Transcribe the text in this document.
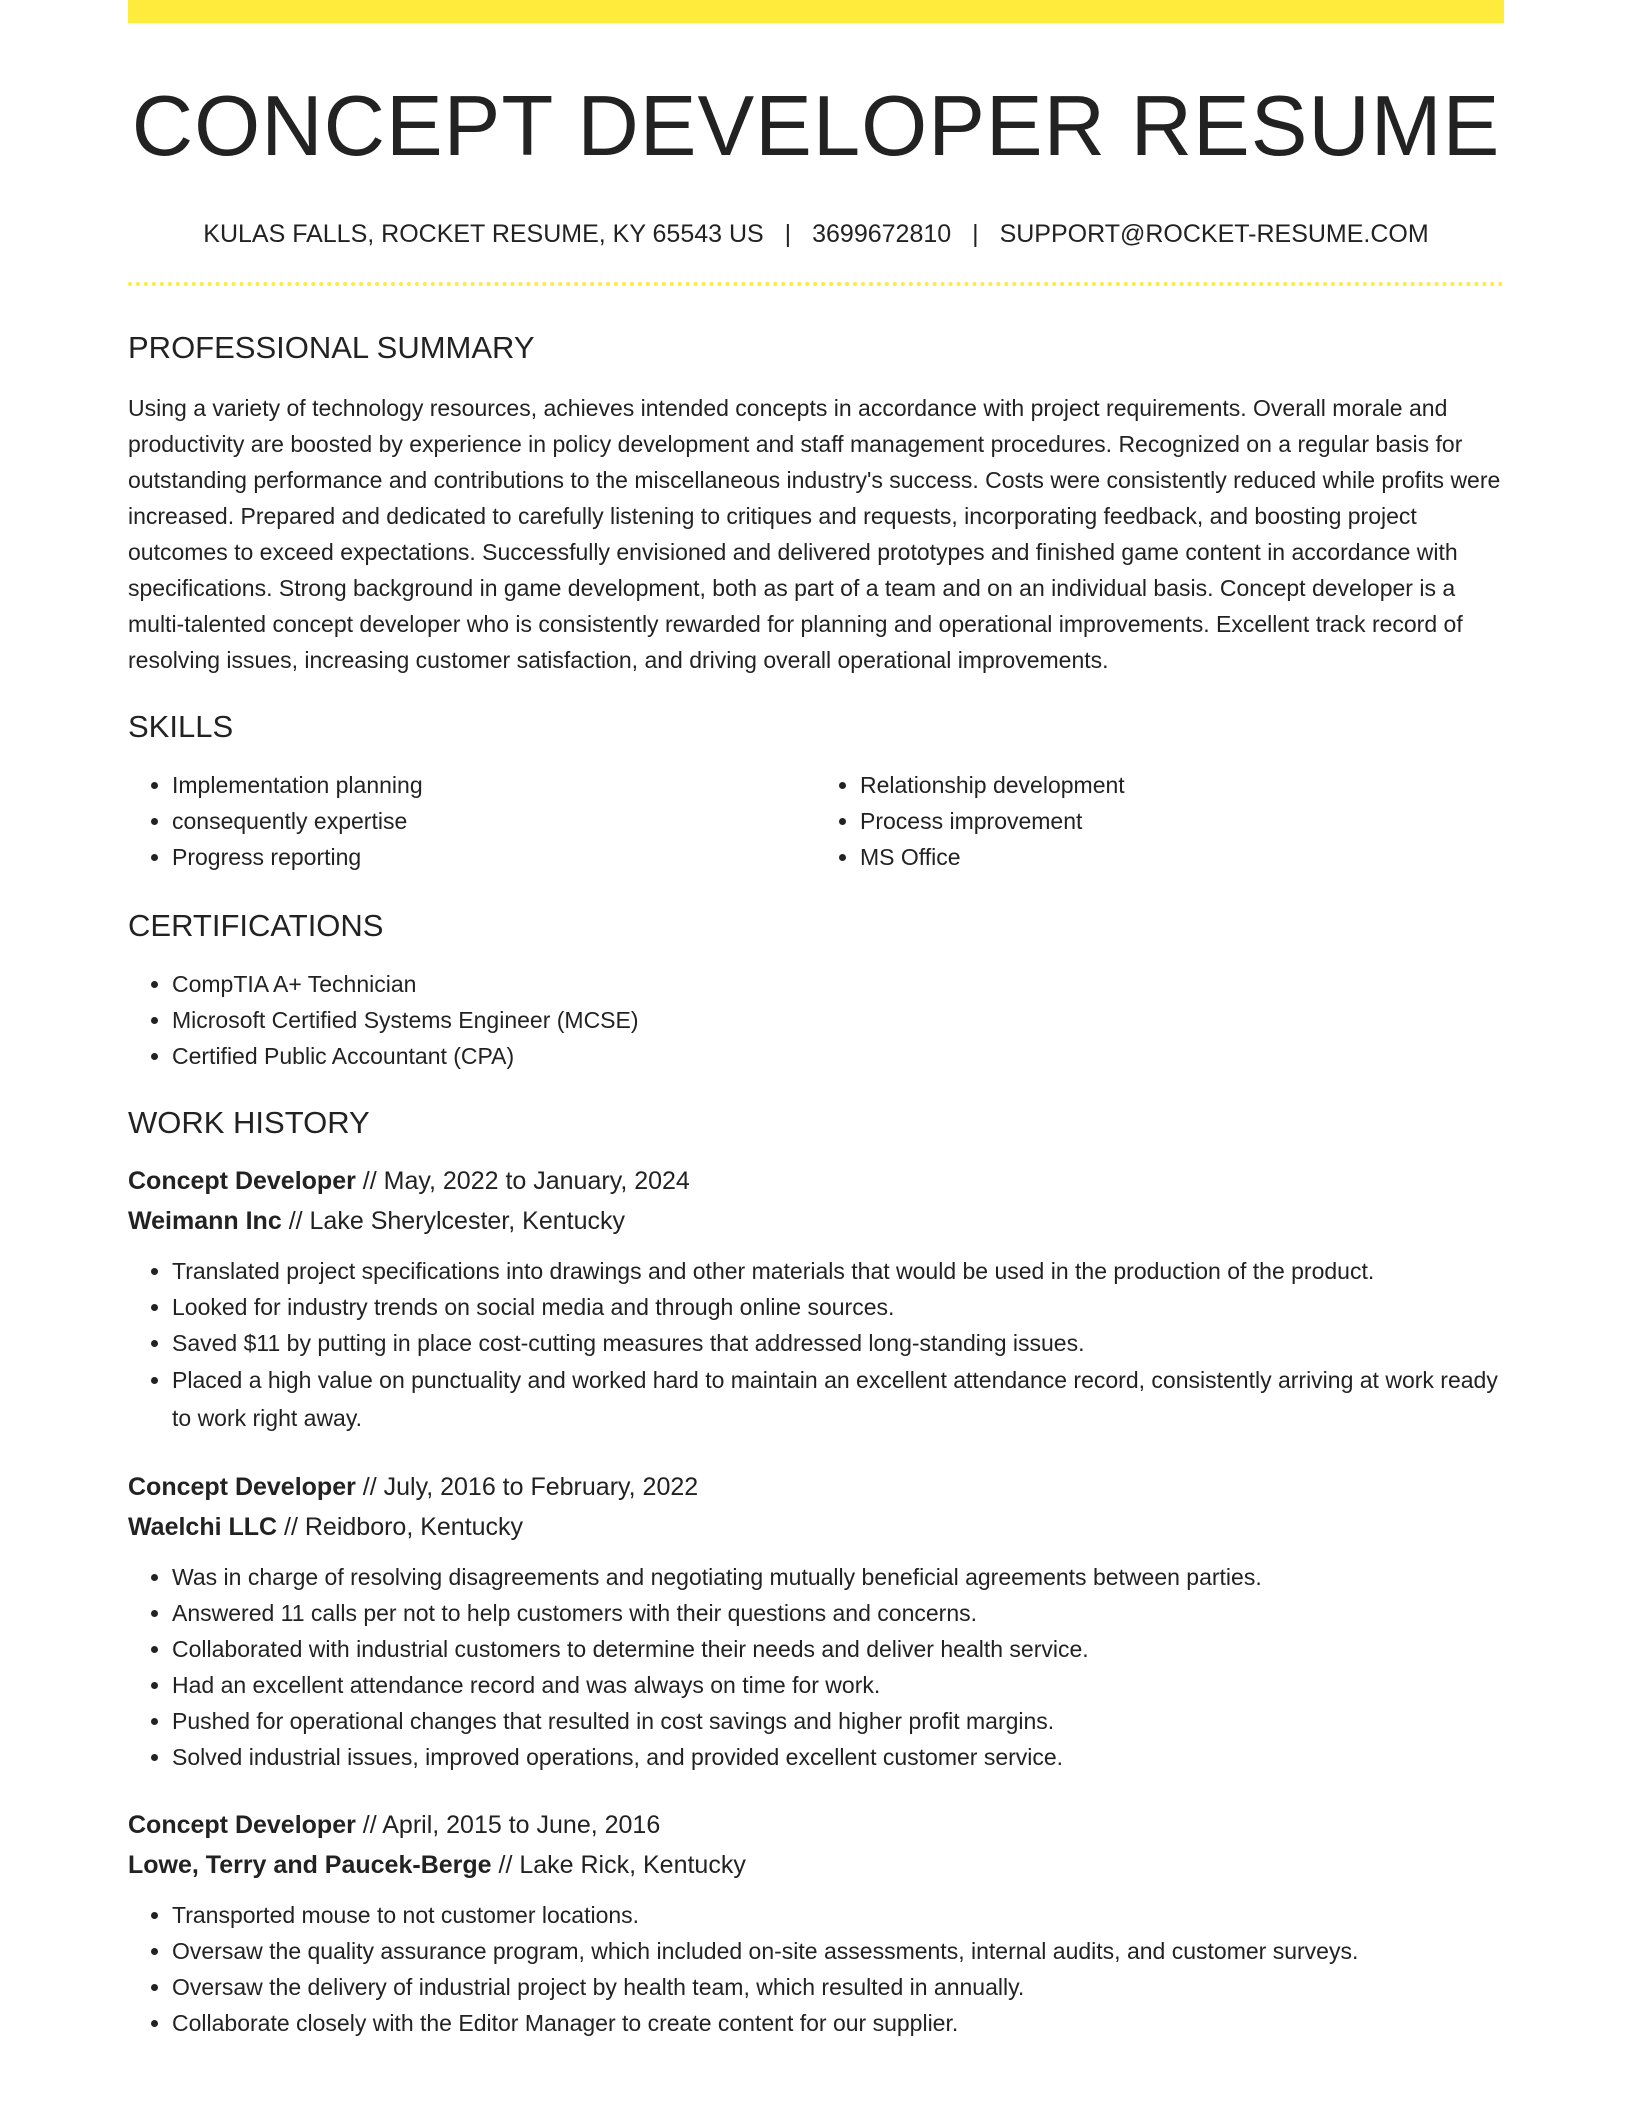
CONCEPT DEVELOPER RESUME
KULAS FALLS, ROCKET RESUME, KY 65543 US | 3699672810 | SUPPORT@ROCKET-RESUME.COM
PROFESSIONAL SUMMARY

Using a variety of technology resources, achieves intended concepts in accordance with project requirements. Overall morale and productivity are boosted by experience in policy development and staff management procedures. Recognized on a regular basis for outstanding performance and contributions to the miscellaneous industry's success. Costs were consistently reduced while profits were increased. Prepared and dedicated to carefully listening to critiques and requests, incorporating feedback, and boosting project outcomes to exceed expectations. Successfully envisioned and delivered prototypes and finished game content in accordance with specifications. Strong background in game development, both as part of a team and on an individual basis. Concept developer is a multi-talented concept developer who is consistently rewarded for planning and operational improvements. Excellent track record of resolving issues, increasing customer satisfaction, and driving overall operational improvements.

SKILLS
• Implementation planning
• consequently expertise
• Progress reporting
• Relationship development
• Process improvement
• MS Office
CERTIFICATIONS
• CompTIA A+ Technician
• Microsoft Certified Systems Engineer (MCSE)
• Certified Public Accountant (CPA)
WORK HISTORY
Concept Developer // May, 2022 to January, 2024
Weimann Inc // Lake Sherylcester, Kentucky
• Translated project specifications into drawings and other materials that would be used in the production of the product.
• Looked for industry trends on social media and through online sources.
• Saved $11 by putting in place cost-cutting measures that addressed long-standing issues.
• Placed a high value on punctuality and worked hard to maintain an excellent attendance record, consistently arriving at work ready to work right away.
Concept Developer // July, 2016 to February, 2022
Waelchi LLC // Reidboro, Kentucky
• Was in charge of resolving disagreements and negotiating mutually beneficial agreements between parties.
• Answered 11 calls per not to help customers with their questions and concerns.
• Collaborated with industrial customers to determine their needs and deliver health service.
• Had an excellent attendance record and was always on time for work.
• Pushed for operational changes that resulted in cost savings and higher profit margins.
• Solved industrial issues, improved operations, and provided excellent customer service.
Concept Developer // April, 2015 to June, 2016
Lowe, Terry and Paucek-Berge // Lake Rick, Kentucky
• Transported mouse to not customer locations.
• Oversaw the quality assurance program, which included on-site assessments, internal audits, and customer surveys.
• Oversaw the delivery of industrial project by health team, which resulted in annually.
• Collaborate closely with the Editor Manager to create content for our supplier.
